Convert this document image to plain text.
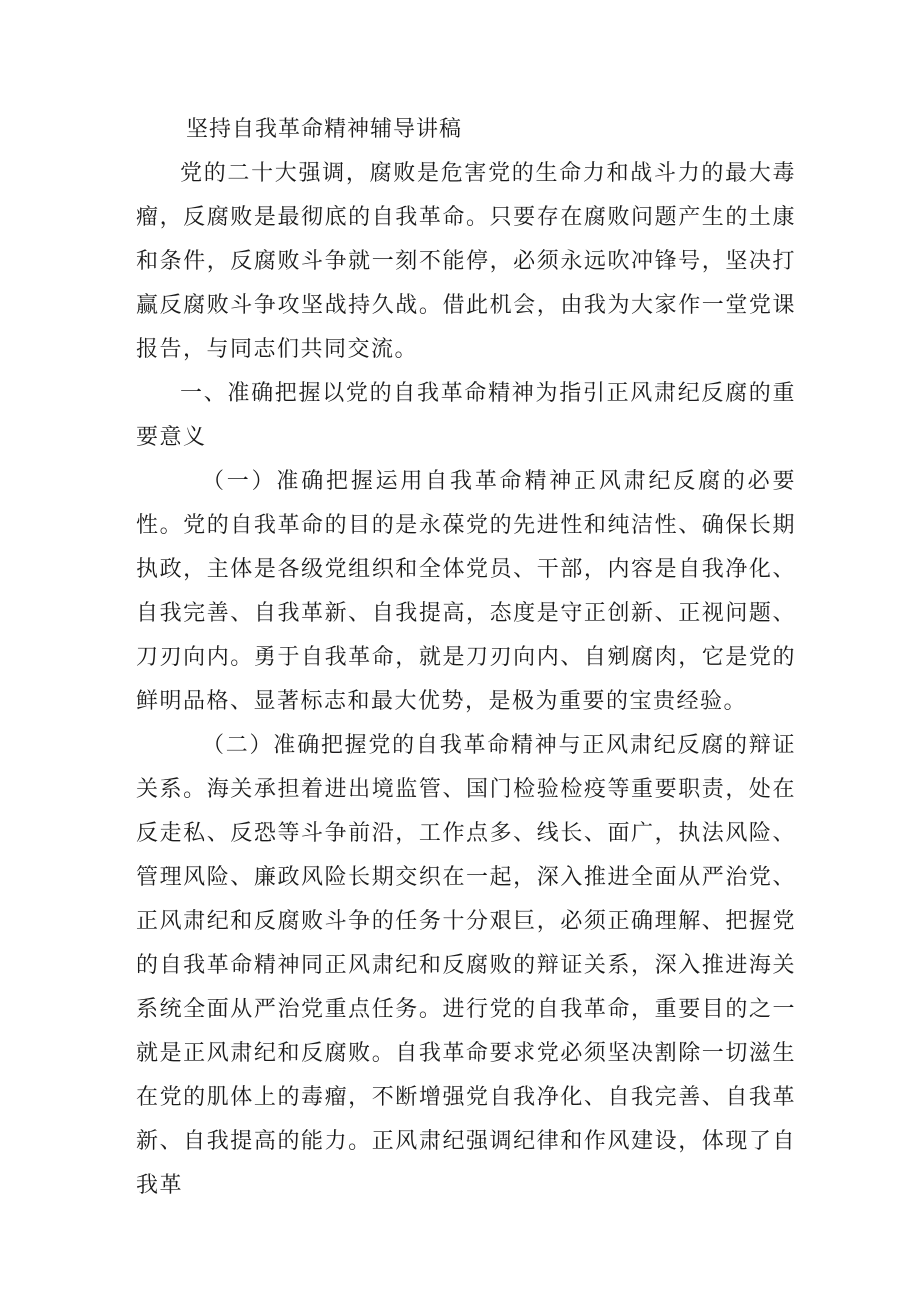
坚持自我革命精神辅导讲稿

党的二十大强调，腐败是危害党的生命力和战斗力的最大毒瘤，反腐败是最彻底的自我革命。只要存在腐败问题产生的土康和条件，反腐败斗争就一刻不能停，必须永远吹冲锋号，坚决打赢反腐败斗争攻坚战持久战。借此机会，由我为大家作一堂党课报告，与同志们共同交流。

一、准确把握以党的自我革命精神为指引正风肃纪反腐的重要意义

（一）准确把握运用自我革命精神正风肃纪反腐的必要性。党的自我革命的目的是永葆党的先进性和纯洁性、确保长期执政，主体是各级党组织和全体党员、干部，内容是自我净化、自我完善、自我革新、自我提高，态度是守正创新、正视问题、刀刃向内。勇于自我革命，就是刀刃向内、自剜腐肉，它是党的鲜明品格、显著标志和最大优势，是极为重要的宝贵经验。

（二）准确把握党的自我革命精神与正风肃纪反腐的辩证关系。海关承担着进出境监管、国门检验检疫等重要职责，处在反走私、反恐等斗争前沿，工作点多、线长、面广，执法风险、管理风险、廉政风险长期交织在一起，深入推进全面从严治党、正风肃纪和反腐败斗争的任务十分艰巨，必须正确理解、把握党的自我革命精神同正风肃纪和反腐败的辩证关系，深入推进海关系统全面从严治党重点任务。进行党的自我革命，重要目的之一就是正风肃纪和反腐败。自我革命要求党必须坚决割除一切滋生在党的肌体上的毒瘤，不断增强党自我净化、自我完善、自我革新、自我提高的能力。正风肃纪强调纪律和作风建设，体现了自我革
